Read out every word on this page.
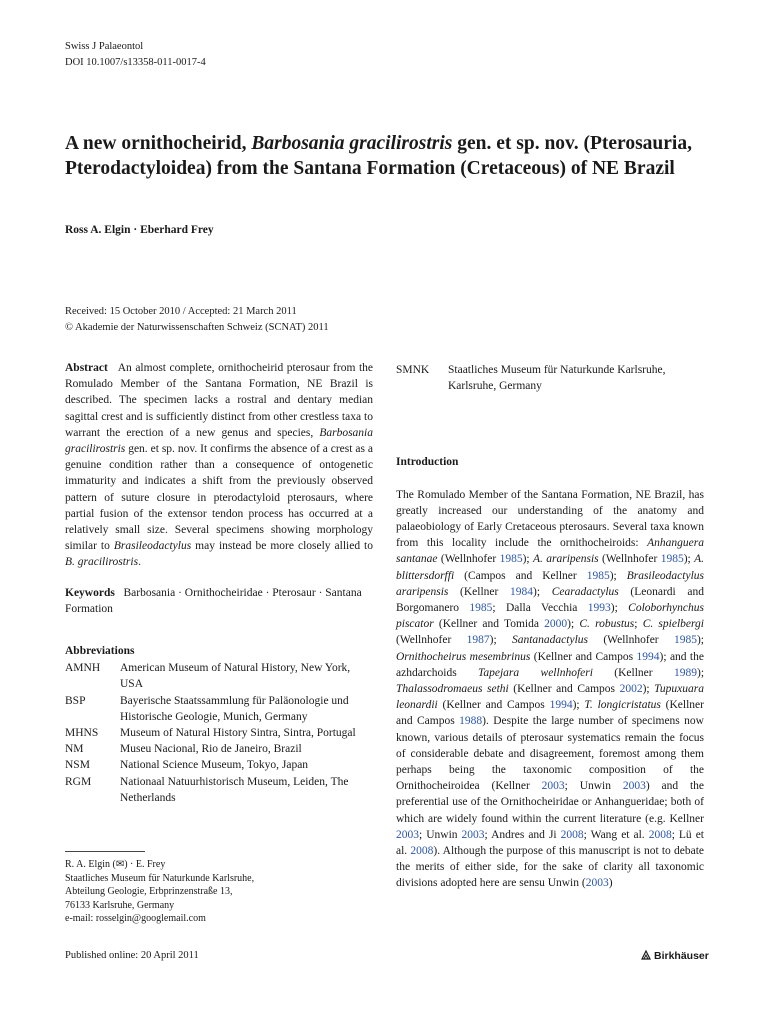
Swiss J Palaeontol
DOI 10.1007/s13358-011-0017-4
A new ornithocheirid, Barbosania gracilirostris gen. et sp. nov. (Pterosauria, Pterodactyloidea) from the Santana Formation (Cretaceous) of NE Brazil
Ross A. Elgin · Eberhard Frey
Received: 15 October 2010 / Accepted: 21 March 2011
© Akademie der Naturwissenschaften Schweiz (SCNAT) 2011

Abstract An almost complete, ornithocheirid pterosaur from the Romulado Member of the Santana Formation, NE Brazil is described. The specimen lacks a rostral and dentary median sagittal crest and is sufficiently distinct from other crestless taxa to warrant the erection of a new genus and species, Barbosania gracilirostris gen. et sp. nov. It confirms the absence of a crest as a genuine condition rather than a consequence of ontogenetic immaturity and indicates a shift from the previously observed pattern of suture closure in pterodactyloid pterosaurs, where partial fusion of the extensor tendon process has occurred at a relatively small size. Several specimens showing morphology similar to Brasileodactylus may instead be more closely allied to B. gracilirostris.

Keywords Barbosania · Ornithocheiridae · Pterosaur · Santana Formation

Abbreviations
AMNH	American Museum of Natural History, New York, USA
BSP	Bayerische Staatssammlung für Paläonologie und Historische Geologie, Munich, Germany
MHNS	Museum of Natural History Sintra, Sintra, Portugal
NM	Museu Nacional, Rio de Janeiro, Brazil
NSM	National Science Museum, Tokyo, Japan
RGM	Nationaal Natuurhistorisch Museum, Leiden, The Netherlands
R. A. Elgin (✉) · E. Frey
Staatliches Museum für Naturkunde Karlsruhe,
Abteilung Geologie, Erbprinzenstraße 13,
76133 Karlsruhe, Germany
e-mail: rosselgin@googlemail.com
Published online: 20 April 2011	Birkhäuser
SMNK	Staatliches Museum für Naturkunde Karlsruhe, Karlsruhe, Germany
Introduction

The Romulado Member of the Santana Formation, NE Brazil, has greatly increased our understanding of the anatomy and palaeobiology of Early Cretaceous pterosaurs. Several taxa known from this locality include the ornithocheiroids: Anhanguera santanae (Wellnhofer 1985); A. araripensis (Wellnhofer 1985); A. blittersdorffi (Campos and Kellner 1985); Brasileodactylus araripensis (Kellner 1984); Cearadactylus (Leonardi and Borgomanero 1985; Dalla Vecchia 1993); Coloborhynchus piscator (Kellner and Tomida 2000); C. robustus; C. spielbergi (Wellnhofer 1987); Santanadactylus (Wellnhofer 1985); Ornithocheirus mesembrinus (Kellner and Campos 1994); and the azhdarchoids Tapejara wellnhoferi (Kellner 1989); Thalassodromaeus sethi (Kellner and Campos 2002); Tupuxuara leonardii (Kellner and Campos 1994); T. longicristatus (Kellner and Campos 1988). Despite the large number of specimens now known, various details of pterosaur systematics remain the focus of considerable debate and disagreement, foremost among them perhaps being the taxonomic composition of the Ornithocheiroidea (Kellner 2003; Unwin 2003) and the preferential use of the Ornithocheiridae or Anhangueridae; both of which are widely found within the current literature (e.g. Kellner 2003; Unwin 2003; Andres and Ji 2008; Wang et al. 2008; Lü et al. 2008). Although the purpose of this manuscript is not to debate the merits of either side, for the sake of clarity all taxonomic divisions adopted here are sensu Unwin (2003)
